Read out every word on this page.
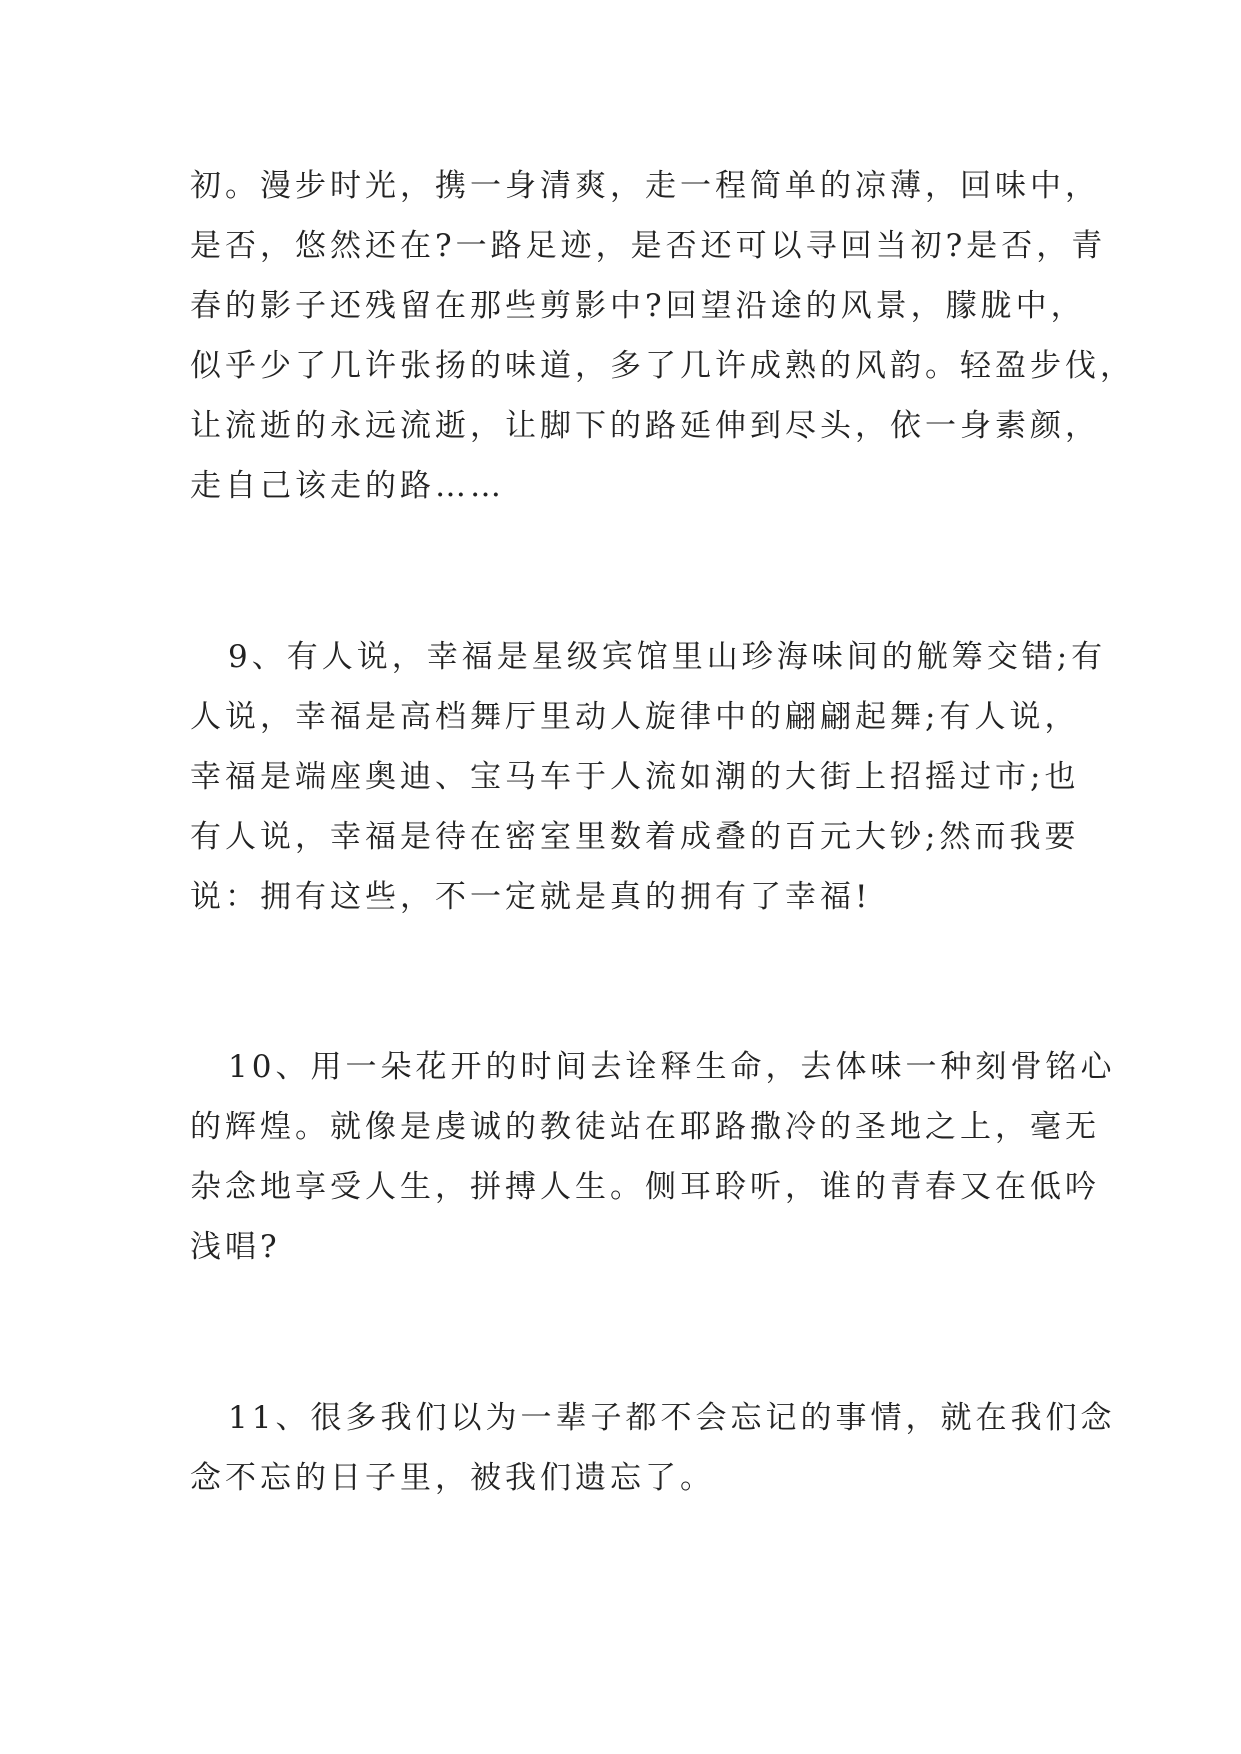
初。漫步时光，携一身清爽，走一程简单的凉薄，回味中，
是否，悠然还在?一路足迹，是否还可以寻回当初?是否，青
春的影子还残留在那些剪影中?回望沿途的风景，朦胧中，
似乎少了几许张扬的味道，多了几许成熟的风韵。轻盈步伐，
让流逝的永远流逝，让脚下的路延伸到尽头，依一身素颜，
走自己该走的路……
9、有人说，幸福是星级宾馆里山珍海味间的觥筹交错;有
人说，幸福是高档舞厅里动人旋律中的翩翩起舞;有人说，
幸福是端座奥迪、宝马车于人流如潮的大街上招摇过市;也
有人说，幸福是待在密室里数着成叠的百元大钞;然而我要
说：拥有这些，不一定就是真的拥有了幸福!
10、用一朵花开的时间去诠释生命，去体味一种刻骨铭心
的辉煌。就像是虔诚的教徒站在耶路撒冷的圣地之上，毫无
杂念地享受人生，拼搏人生。侧耳聆听，谁的青春又在低吟
浅唱?
11、很多我们以为一辈子都不会忘记的事情，就在我们念
念不忘的日子里，被我们遗忘了。
